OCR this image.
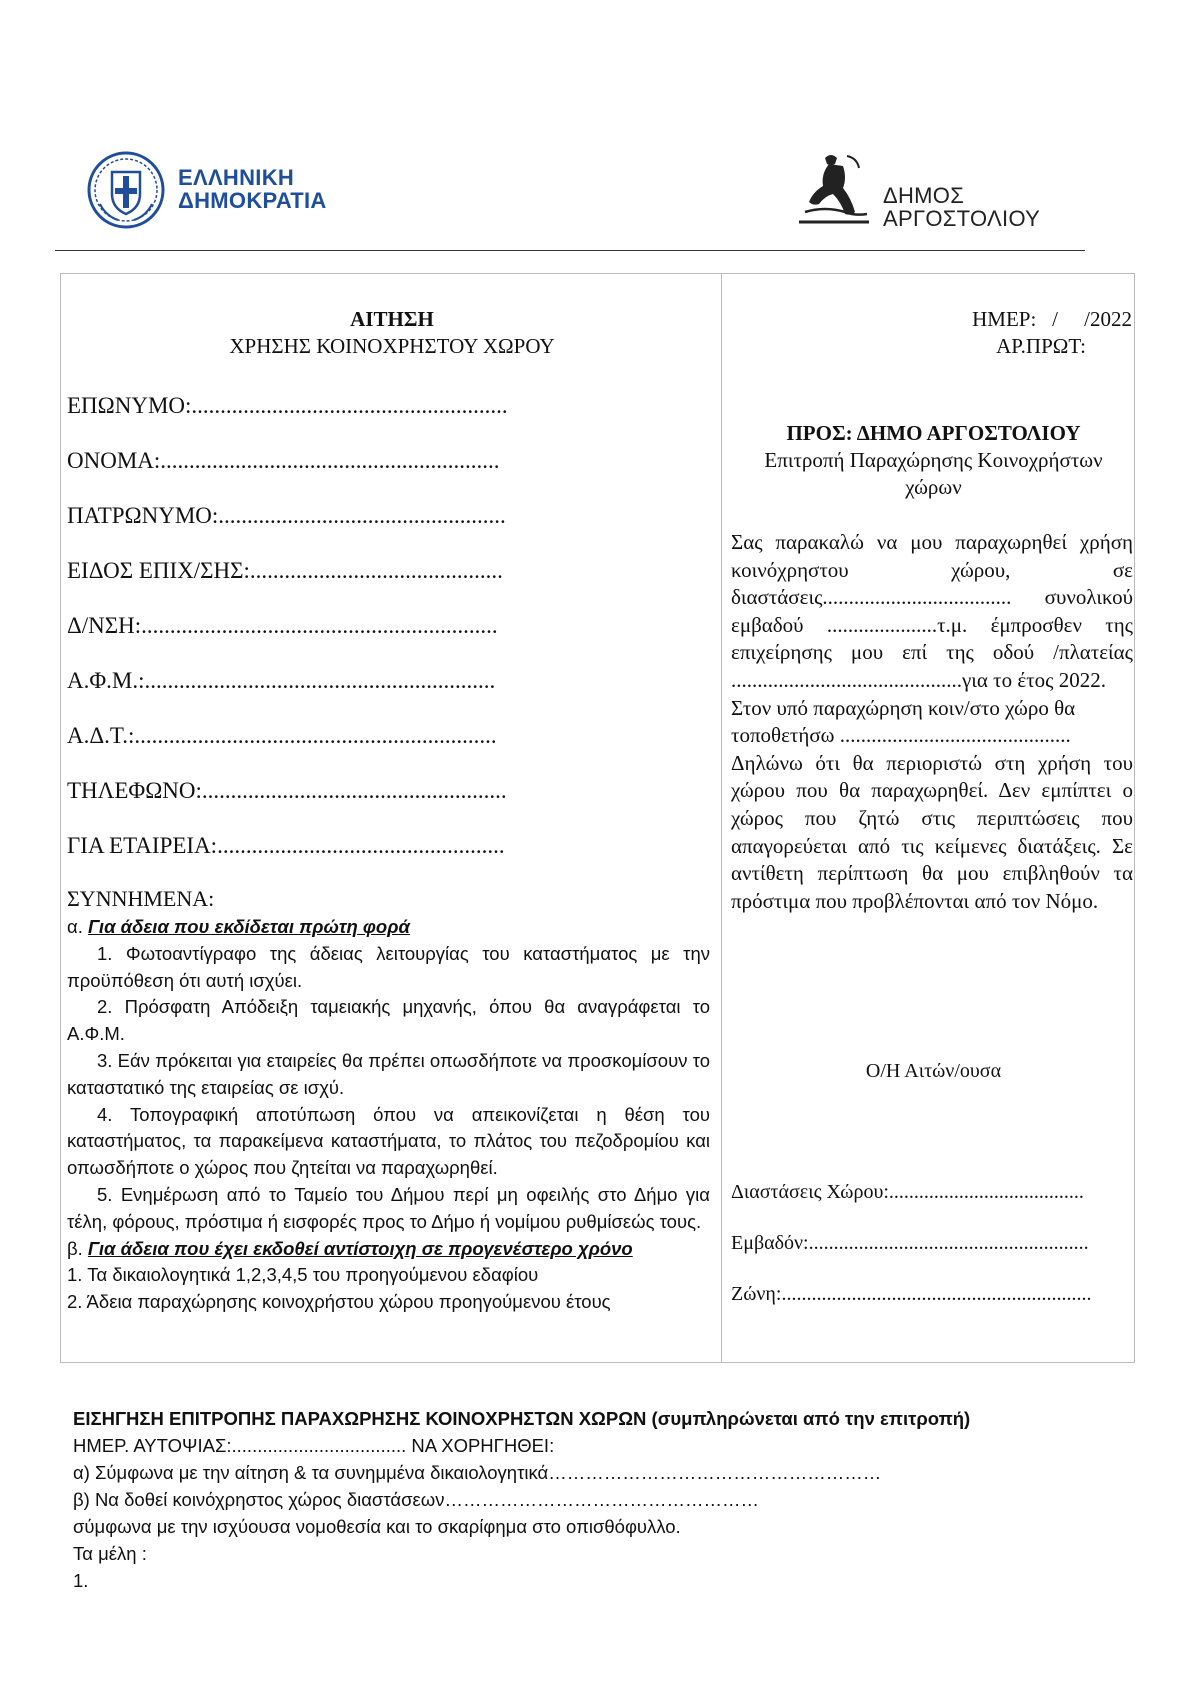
ΕΛΛΗΝΙΚΗ
ΔΗΜΟΚΡΑΤΙΑ	ΔΗΜΟΣ
ΑΡΓΟΣΤΟΛΙΟΥ
ΑΙΤΗΣΗ
ΧΡΗΣΗΣ ΚΟΙΝΟΧΡΗΣΤΟΥ ΧΩΡΟΥ
ΕΠΩΝΥΜΟ:.......................................................
ΟΝΟΜΑ:...........................................................
ΠΑΤΡΩΝΥΜΟ:..................................................
ΕΙΔΟΣ ΕΠΙΧ/ΣΗΣ:............................................
Δ/ΝΣΗ:..............................................................
Α.Φ.Μ.:.............................................................
Α.Δ.Τ.:...............................................................
ΤΗΛΕΦΩΝΟ:.....................................................
ΓΙΑ ΕΤΑΙΡΕΙΑ:..................................................
ΣΥΝΝΗΜΕΝΑ:

α. Για άδεια που εκδίδεται πρώτη φορά

1. Φωτοαντίγραφο της άδειας λειτουργίας του καταστήματος με την προϋπόθεση ότι αυτή ισχύει.

2. Πρόσφατη Απόδειξη ταμειακής μηχανής, όπου θα αναγράφεται το Α.Φ.Μ.

3. Εάν πρόκειται για εταιρείες θα πρέπει οπωσδήποτε να προσκομίσουν το καταστατικό της εταιρείας σε ισχύ.

4. Τοπογραφική αποτύπωση όπου να απεικονίζεται η θέση του καταστήματος, τα παρακείμενα καταστήματα, το πλάτος του πεζοδρομίου και οπωσδήποτε ο χώρος που ζητείται να παραχωρηθεί.

5. Ενημέρωση από το Ταμείο του Δήμου περί μη οφειλής στο Δήμο για τέλη, φόρους, πρόστιμα ή εισφορές προς το Δήμο ή νομίμου ρυθμίσεώς τους.

β. Για άδεια που έχει εκδοθεί αντίστοιχη σε προγενέστερο χρόνο

1. Τα δικαιολογητικά 1,2,3,4,5 του προηγούμενου εδαφίου

2. Άδεια παραχώρησης κοινοχρήστου χώρου προηγούμενου έτους

ΗΜΕΡ:   /     /2022
ΑΡ.ΠΡΩΤ:
ΠΡΟΣ: ΔΗΜΟ ΑΡΓΟΣΤΟΛΙΟΥ
Επιτροπή Παραχώρησης Κοινοχρήστων χώρων

Σας παρακαλώ να μου παραχωρηθεί χρήση κοινόχρηστου χώρου, σε διαστάσεις.................................... συνολικού εμβαδού .....................τ.μ. έμπροσθεν της επιχείρησης μου επί της οδού /πλατείας ............................................για το έτος 2022.

Στον υπό παραχώρηση κοιν/στο χώρο θα τοποθετήσω ............................................

Δηλώνω ότι θα περιοριστώ στη χρήση του χώρου που θα παραχωρηθεί. Δεν εμπίπτει ο χώρος που ζητώ στις περιπτώσεις που απαγορεύεται από τις κείμενες διατάξεις. Σε αντίθετη περίπτωση θα μου επιβληθούν τα πρόστιμα που προβλέπονται από τον Νόμο.

Ο/Η Αιτών/ουσα
Διαστάσεις Χώρου:.......................................
Εμβαδόν:........................................................
Ζώνη:..............................................................

ΕΙΣΗΓΗΣΗ ΕΠΙΤΡΟΠΗΣ ΠΑΡΑΧΩΡΗΣΗΣ ΚΟΙΝΟΧΡΗΣΤΩΝ ΧΩΡΩΝ (συμπληρώνεται από την επιτροπή)

ΗΜΕΡ. ΑΥΤΟΨΙΑΣ:.................................. ΝΑ ΧΟΡΗΓΗΘΕΙ:

α) Σύμφωνα με την αίτηση & τα συνημμένα δικαιολογητικά………………………………………………

β) Να δοθεί κοινόχρηστος χώρος διαστάσεων……………………………………………

σύμφωνα με την ισχύουσα νομοθεσία και το σκαρίφημα στο οπισθόφυλλο.

Τα μέλη :

1.
